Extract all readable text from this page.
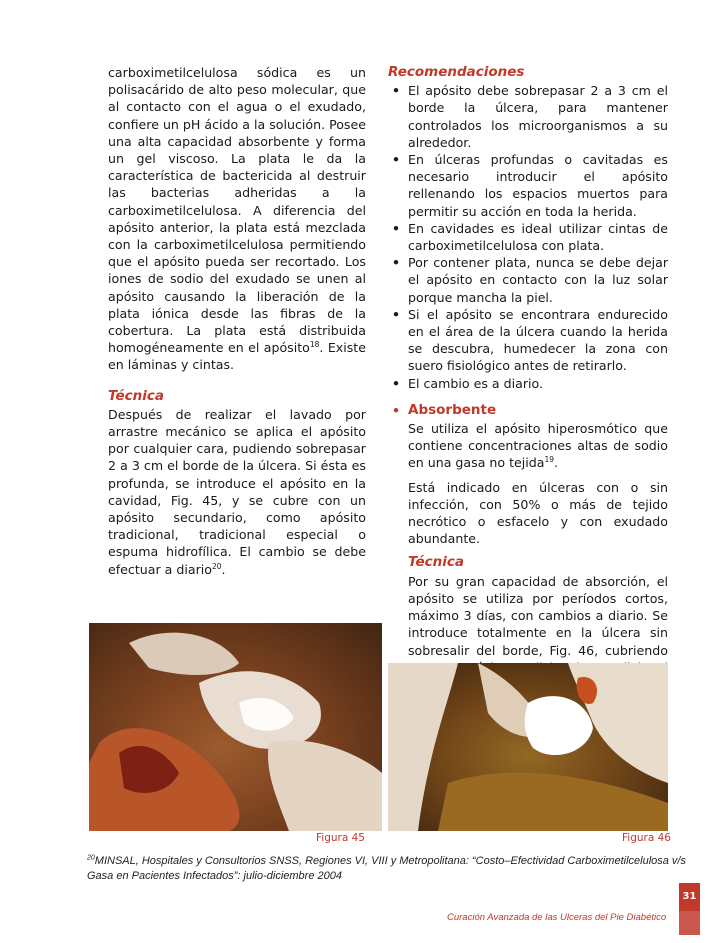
carboximetilcelulosa sódica es un polisacárido de alto peso molecular, que al contacto con el agua o el exudado, confiere un pH ácido a la solución. Posee una alta capacidad absorbente y forma un gel viscoso. La plata le da la característica de bactericida al destruir las bacterias adheridas a la carboximetilcelulosa. A diferencia del apósito anterior, la plata está mezclada con la carboximetilcelulosa permitiendo que el apósito pueda ser recortado. Los iones de sodio del exudado se unen al apósito causando la liberación de la plata iónica desde las fibras de la cobertura. La plata está distribuida homogéneamente en el apósito$^{18}$. Existe en láminas y cintas.

Técnica

Después de realizar el lavado por arrastre mecánico se aplica el apósito por cualquier cara, pudiendo sobrepasar 2 a 3 cm el borde de la úlcera. Si ésta es profunda, se introduce el apósito en la cavidad, Fig. 45, y se cubre con un apósito secundario, como apósito tradicional, tradicional especial o espuma hidrofílica. El cambio se debe efectuar a diario$^{20}$.

Recomendaciones

• El apósito debe sobrepasar 2 a 3 cm el borde la úlcera, para mantener controlados los microorganismos a su alrededor.
• En úlceras profundas o cavitadas es necesario introducir el apósito rellenando los espacios muertos para permitir su acción en toda la herida.
• En cavidades es ideal utilizar cintas de carboximetilcelulosa con plata.
• Por contener plata, nunca se debe dejar el apósito en contacto con la luz solar porque mancha la piel.
• Si el apósito se encontrara endurecido en el área de la úlcera cuando la herida se descubra, humedecer la zona con suero fisiológico antes de retirarlo.
• El cambio es a diario.
• Absorbente

Se utiliza el apósito hiperosmótico que contiene concentraciones altas de sodio en una gasa no tejida$^{19}$.

Está indicado en úlceras con o sin infección, con 50% o más de tejido necrótico o esfacelo y con exudado abundante.

Técnica

Por su gran capacidad de absorción, el apósito se utiliza por períodos cortos, máximo 3 días, con cambios a diario. Se introduce totalmente en la úlcera sin sobresalir del borde, Fig. 46, cubriendo

Figura 45	Figura 46
$^{20}$MINSAL, Hospitales y Consultorios SNSS, Regiones VI, VIII y Metropolitana: “Costo–Efectividad Carboximetilcelulosa v/s Gasa en Pacientes Infectados”: julio-diciembre 2004
Curación Avanzada de las Ulceras del Pie Diabético
31
